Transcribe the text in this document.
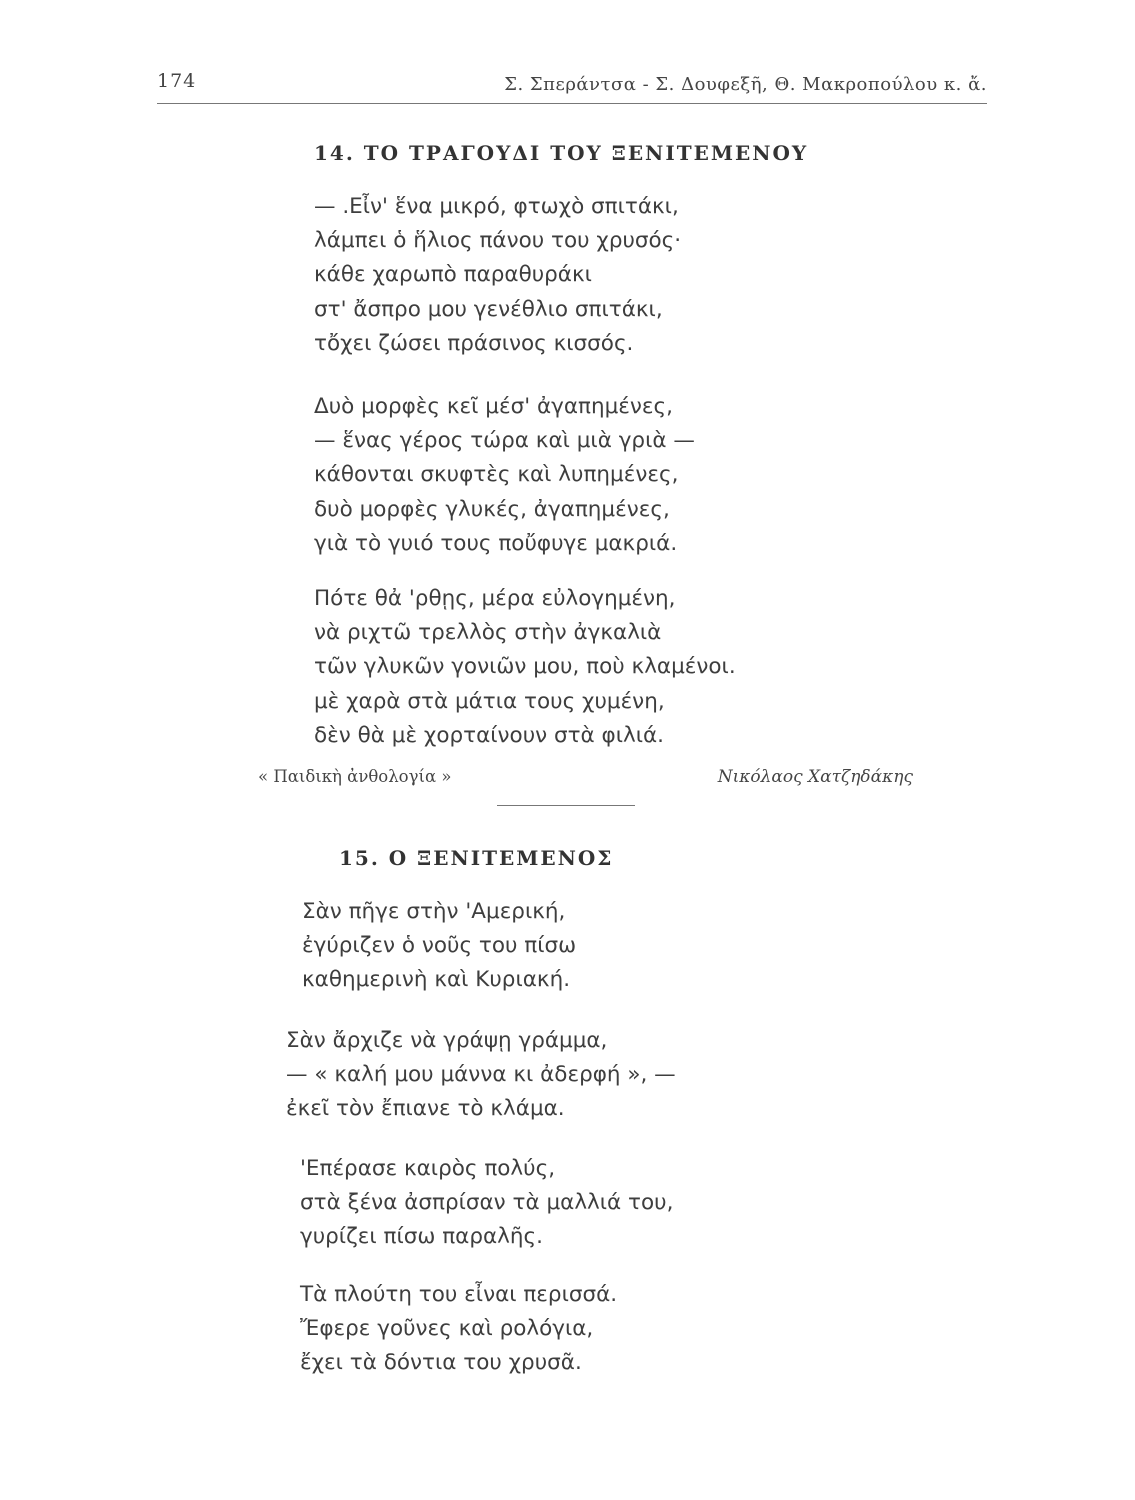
174	Σ. Σπεράντσα - Σ. Δουφεξῆ, Θ. Μακροπούλου κ. ἄ.
14. ΤΟ ΤΡΑΓΟΥΔΙ ΤΟΥ ΞΕΝΙΤΕΜΕΝΟΥ
— .Εἶν' ἕνα μικρό, φτωχὸ σπιτάκι,
λάμπει ὁ ἥλιος πάνου του χρυσός·
κάθε χαρωπὸ παραθυράκι
στ' ἄσπρο μου γενέθλιο σπιτάκι,
τὄχει ζώσει πράσινος κισσός.
Δυὸ μορφὲς κεῖ μέσ' ἀγαπημένες,
— ἕνας γέρος τώρα καὶ μιὰ γριὰ —
κάθονται σκυφτὲς καὶ λυπημένες,
δυὸ μορφὲς γλυκές, ἀγαπημένες,
γιὰ τὸ γυιό τους ποὔφυγε μακριά.
Πότε θἀ 'ρθῃς, μέρα εὐλογημένη,
νὰ ριχτῶ τρελλὸς στὴν ἀγκαλιὰ
τῶν γλυκῶν γονιῶν μου, ποὺ κλαμένοι.
μὲ χαρὰ στὰ μάτια τους χυμένη,
δὲν θὰ μὲ χορταίνουν στὰ φιλιά.
« Παιδικὴ ἀνθολογία »	Νικόλαος Χατζηδάκης
15. Ο ΞΕΝΙΤΕΜΕΝΟΣ
Σὰν πῆγε στὴν 'Αμερική,
ἐγύριζεν ὁ νοῦς του πίσω
καθημερινὴ καὶ Κυριακή.
Σὰν ἄρχιζε νὰ γράψῃ γράμμα,
— « καλή μου μάννα κι ἀδερφή », —
ἐκεῖ τὸν ἔπιανε τὸ κλάμα.
'Επέρασε καιρὸς πολύς,
στὰ ξένα ἀσπρίσαν τὰ μαλλιά του,
γυρίζει πίσω παραλῆς.
Τὰ πλούτη του εἶναι περισσά.
Ἔφερε γοῦνες καὶ ρολόγια,
ἔχει τὰ δόντια του χρυσᾶ.
